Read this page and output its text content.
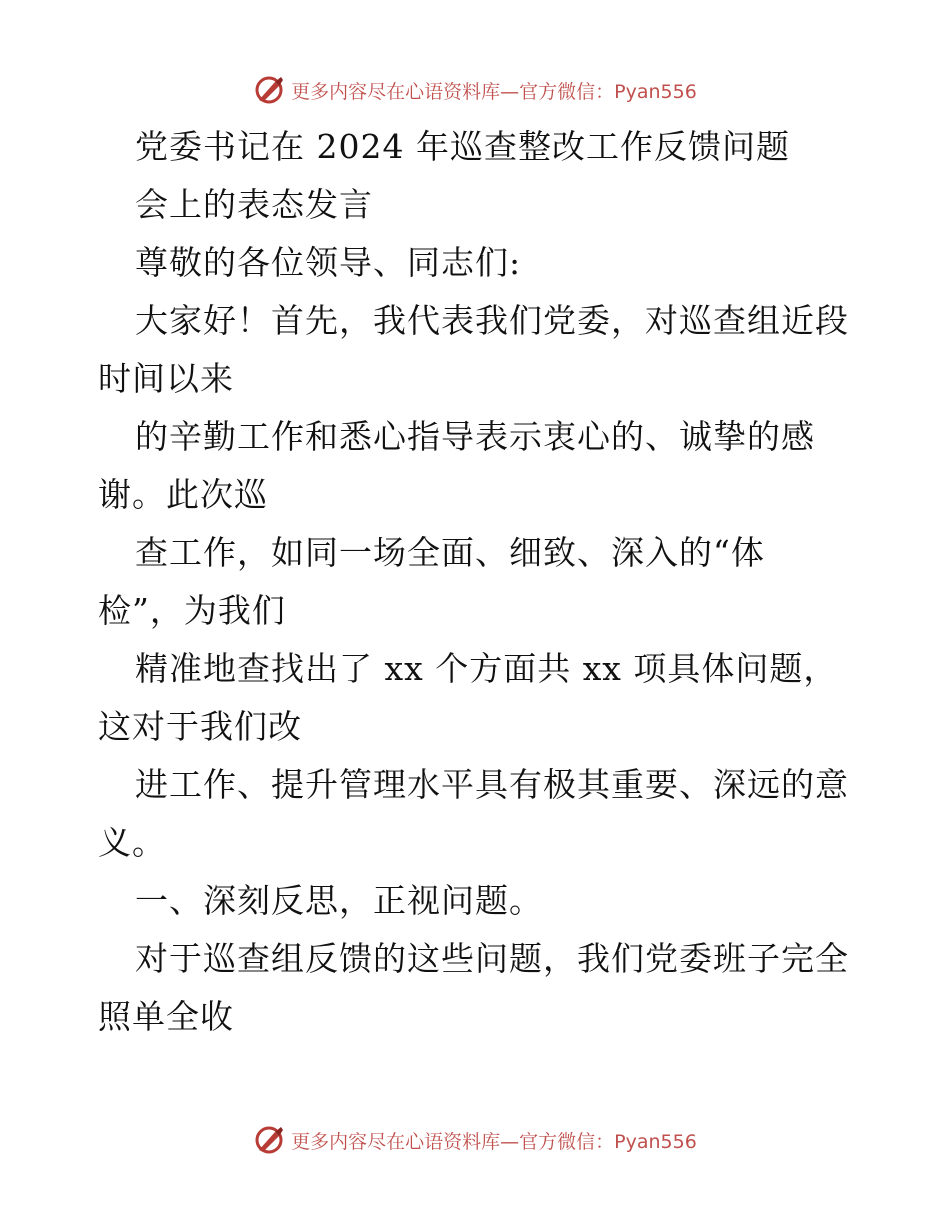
更多内容尽在心语资料库—官方微信：Pyan556
党委书记在 2024 年巡查整改工作反馈问题
会上的表态发言
尊敬的各位领导、同志们:
大家好！首先，我代表我们党委，对巡查组近段
时间以来
的辛勤工作和悉心指导表示衷心的、诚挚的感
谢。此次巡
查工作，如同一场全面、细致、深入的“体
检”，为我们
精准地查找出了 xx 个方面共 xx 项具体问题，
这对于我们改
进工作、提升管理水平具有极其重要、深远的意
义。
一、深刻反思，正视问题。
对于巡查组反馈的这些问题，我们党委班子完全
照单全收
更多内容尽在心语资料库—官方微信：Pyan556
